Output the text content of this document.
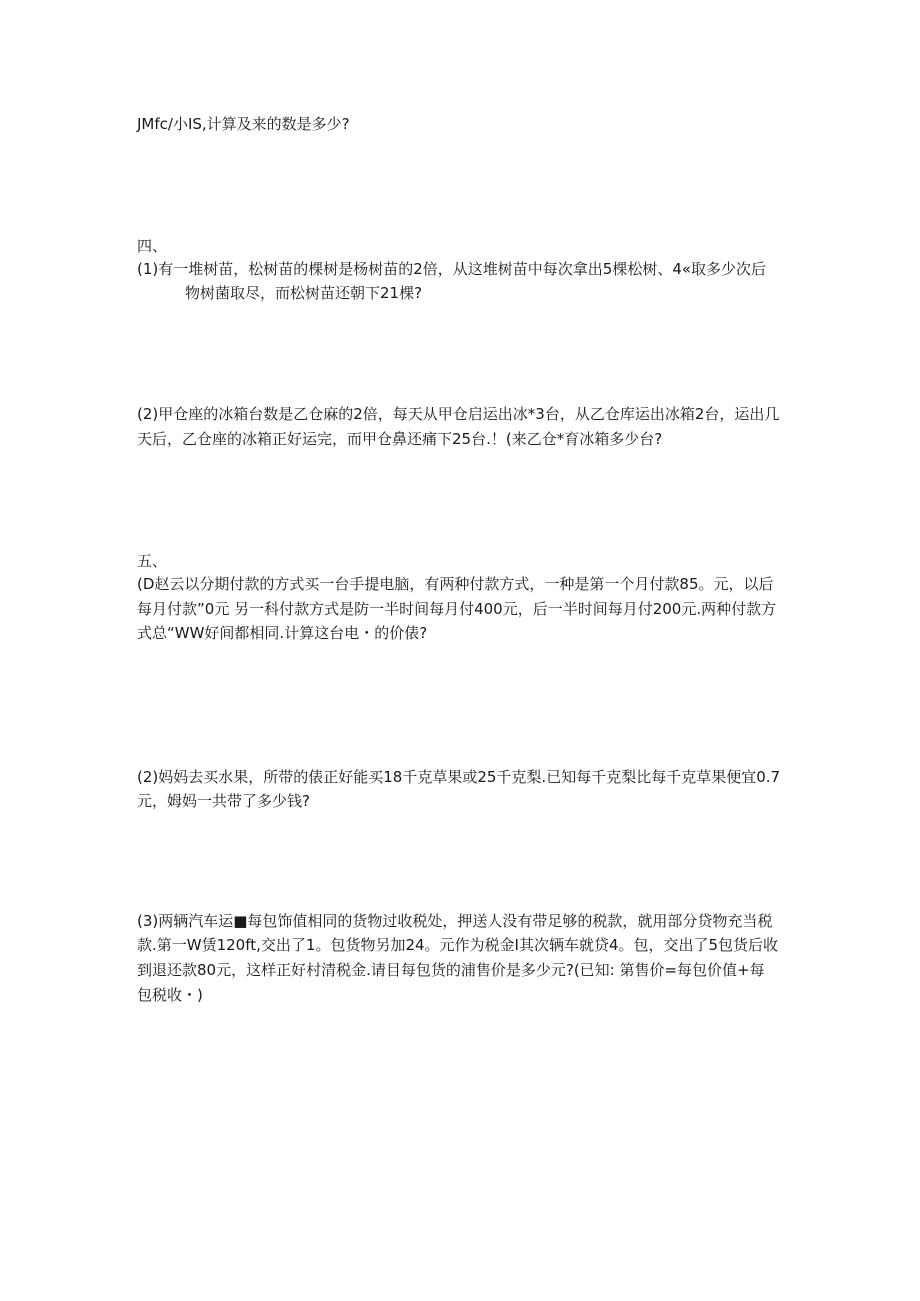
JMfc/小IS,计算及来的数是多少?

四、

(1)有一堆树苗，松树苗的棵树是杨树苗的2倍，从这堆树苗中每次拿出5棵松树、4«取多少次后

物树菌取尽，而松树苗还朝下21棵?

(2)甲仓座的冰箱台数是乙仓麻的2倍，每天从甲仓启运出冰*3台，从乙仓库运出冰箱2台，运出几

天后，乙仓座的冰箱正好运完，而甲仓鼻还痛下25台.！(来乙仓*育冰箱多少台?

五、

(D赵云以分期付款的方式买一台手提电脑，有两种付款方式，一种是第一个月付款85。元，以后

每月付款”0元 另一科付款方式是防一半时间每月付400元，后一半时间每月付200元.两种付款方

式总“WW好间都相同.计算这台电・的价俵?

(2)妈妈去买水果，所带的俵正好能买18千克草果或25千克梨.已知每千克梨比每千克草果便宜0.7

元，姆妈一共带了多少钱?

(3)两辆汽车运■每包饰值相同的货物过收税处，押送人没有带足够的税款，就用部分贷物充当税

款.第一W赁120ft,交出了1。包货物另加24。元作为税金I其次辆车就贷4。包，交出了5包货后收

到退还款80元，这样正好村清税金.请目每包货的浦售价是多少元?(已知: 第售价=每包价值+每

包税收・)
